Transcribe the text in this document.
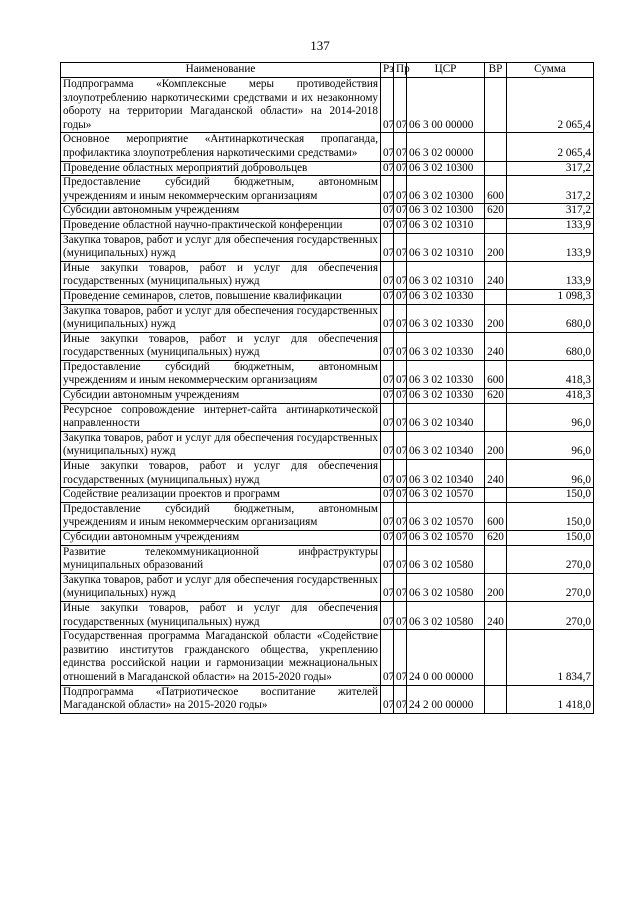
137
Наименование	Рз	Пр	ЦСР	ВР	Сумма
Подпрограмма «Комплексные меры противодействия злоупотреблению наркотическими средствами и их незаконному обороту на территории Магаданской области» на 2014-2018 годы»	07	07	06 3 00 00000		2 065,4
Основное мероприятие «Антинаркотическая пропаганда, профилактика злоупотребления наркотическими средствами»	07	07	06 3 02 00000		2 065,4
Проведение областных мероприятий добровольцев	07	07	06 3 02 10300		317,2
Предоставление субсидий бюджетным, автономным учреждениям и иным некоммерческим организациям	07	07	06 3 02 10300	600	317,2
Субсидии автономным учреждениям	07	07	06 3 02 10300	620	317,2
Проведение областной научно-практической конференции	07	07	06 3 02 10310		133,9
Закупка товаров, работ и услуг для обеспечения государственных (муниципальных) нужд	07	07	06 3 02 10310	200	133,9
Иные закупки товаров, работ и услуг для обеспечения государственных (муниципальных) нужд	07	07	06 3 02 10310	240	133,9
Проведение семинаров, слетов, повышение квалификации	07	07	06 3 02 10330		1 098,3
Закупка товаров, работ и услуг для обеспечения государственных (муниципальных) нужд	07	07	06 3 02 10330	200	680,0
Иные закупки товаров, работ и услуг для обеспечения государственных (муниципальных) нужд	07	07	06 3 02 10330	240	680,0
Предоставление субсидий бюджетным, автономным учреждениям и иным некоммерческим организациям	07	07	06 3 02 10330	600	418,3
Субсидии автономным учреждениям	07	07	06 3 02 10330	620	418,3
Ресурсное сопровождение интернет-сайта антинаркотической направленности	07	07	06 3 02 10340		96,0
Закупка товаров, работ и услуг для обеспечения государственных (муниципальных) нужд	07	07	06 3 02 10340	200	96,0
Иные закупки товаров, работ и услуг для обеспечения государственных (муниципальных) нужд	07	07	06 3 02 10340	240	96,0
Содействие реализации проектов и программ	07	07	06 3 02 10570		150,0
Предоставление субсидий бюджетным, автономным учреждениям и иным некоммерческим организациям	07	07	06 3 02 10570	600	150,0
Субсидии автономным учреждениям	07	07	06 3 02 10570	620	150,0
Развитие телекоммуникационной инфраструктуры муниципальных образований	07	07	06 3 02 10580		270,0
Закупка товаров, работ и услуг для обеспечения государственных (муниципальных) нужд	07	07	06 3 02 10580	200	270,0
Иные закупки товаров, работ и услуг для обеспечения государственных (муниципальных) нужд	07	07	06 3 02 10580	240	270,0
Государственная программа Магаданской области «Содействие развитию институтов гражданского общества, укреплению единства российской нации и гармонизации межнациональных отношений в Магаданской области» на 2015-2020 годы»	07	07	24 0 00 00000		1 834,7
Подпрограмма «Патриотическое воспитание жителей Магаданской области» на 2015-2020 годы»	07	07	24 2 00 00000		1 418,0
